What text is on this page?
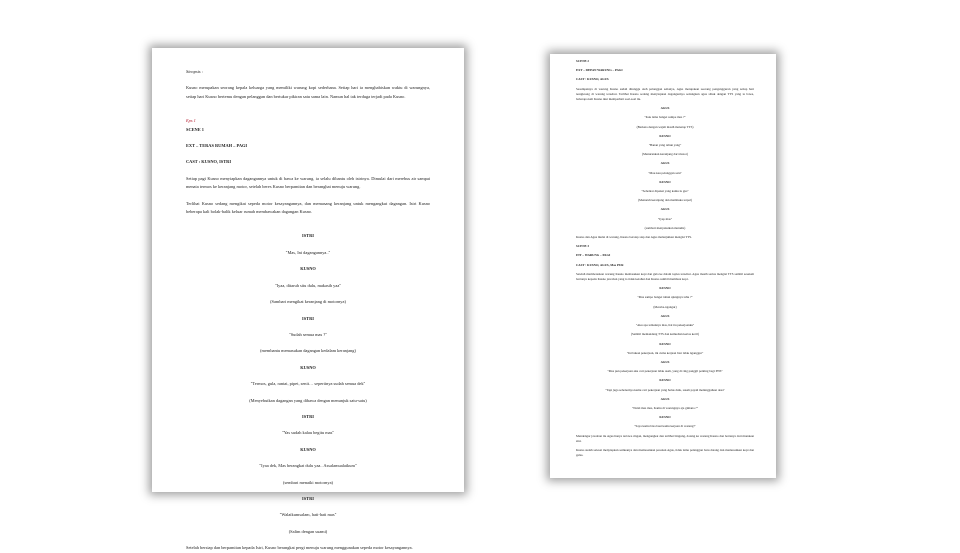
Sinopsis :

Kusno merupakan seorang kepala keluarga yang memiliki warung kopi sederhana. Setiap hari ia menghabiskan waktu di warungnya, setiap hari Kusno bertemu dengan pelanggan dan bertukar pikiran satu sama lain. Namun hal tak terduga terjadi pada Kusno.

Eps 1

SCENE 1

EXT – TERAS RUMAH – PAGI

CAST : KUSNO, ISTRI

Setiap pagi Kusno menyiapkan dagangannya untuk di bawa ke warung. ia selalu dibantu oleh istrinya. Dimulai dari merebus air sampai menata termos ke keranjang motor, setelah beres Kusno berpamitan dan beranghat menuju warung.

Terlihat Kusno sedang mengikat sepeda motor kesayangannya, dan memasang keranjang untuk mengangkut dagangan. Istri Kusno beberapa kali bolak-balik keluar rumah membawakan dagangan Kusno.

ISTRI

"Mas, Ini dagangannya.."

KUSNO

"Iyaa, ditaruh situ dulu, makasih yaa"

(Sambari mengikat keranjang di motornya)

ISTRI

"Sudah semua mas ?"

(membantu memasukan dagangan kedalam keranjang)

KUSNO

"Termos, gula, rantai, pipet, senit… sepertinya sudah semua dek"

(Menyebutkan dagangan yang dibawa dengan menunjuk satu-satu)

ISTRI

"Yas sudah kalau begitu mas"

KUSNO

"Iyaa dek, Mas berangkat dulu yaa.. Assalamualaikum"

(sembari menaiki motornya)

ISTRI

"Walaikumsalam, hati-hati mas"

(Salim dengan suami)

Setelah bersiap dan berpamitan kepada Istri, Kusno berangkat pergi menuju warung menggunakan sepeda motor kesayangannya.

SCENE 2

EXT – DEPAN WARUNG – PAGI

CAST : KUSNO, AGUS

Sesampainya di warung Kusno sudah ditunggu oleh pelanggan setianya, Agus merupakan seorang pengangguran yang setiap hari nongkrong di warung tersebut. Terlihat Kusno sedang menyiapkan dagangannya sedangkan agus sibuk dengan TTS yang ia bawa, beberapa kali Kusno ikut memperhati soal-soal itu.

AGUS

"Kok lama banget sampe mas ?"

(Berkata dengan wajah masih menatap TTS)

KUSNO

"Banan yang tahun yang"

(Menurunkan keranjang dari motor)

AGUS

"Mau kau pelanggan satu"

KUSNO

"Sebentar dipakai yang kamu tu gus"

(Menaruh keranjang dan membuka terpal)

AGUS

"Iyap mas"

(sambari menyaksikan menulis)

Kusno dan Agus mulai di warung, Kusno bersiap siap dan Agus melanjutkan mengisi TTS.

SCENE 3

INT – WARUNG – PAGI

CAST : KUSNO, AGUS, Mas PUR

Setelah membereskan warung Kusno memasukan kopi dan gula ke dalam toples tersebut. Agus masih serius mengisi TTS sambil sesekali bertanya kepada Kusno jawaban yang ia tidak ketahui dan Kusno sambil membuat kopi.

KUSNO

"Mas sampe banget tahun ujungnya tahu ?"

(Meraba-ngangur)

AGUS

"Aku apa temannya mas, hal itu pekerjaanku"

(Sambil memandang TTS dan kemudian kertas kecil)

KUSNO

"Ini bukan pekerjaan, ini cuma kerjaan biar tidak nganggur"

AGUS

"Mas pun pekerjaan aku cari pekerjaan tidak usah, yang di ring panggil penting bagi PNS"

KUSNO

"Tapi juga sebenarnya kamu cari pekerjaan yang halus dulu, susah payah meninggalkan desa"

AGUS

"Nanti mas mas, Kamu di warungnya aja gimana ?"

KUSNO

"Saya kamu bisa buat kamu kerjaan di warung!"

Mendengar jawaban itu Agus hanya tertawa ringan, mengangkat dan terlihat bingung, datang ke warung Kusno dan bertanya dari manakan sini.

Kusno sudah selesai menyiapkan semuanya dan memesankan pesanan Agus, tidak lama pelanggan baru datang dan memesankan kopi dan gelas.
